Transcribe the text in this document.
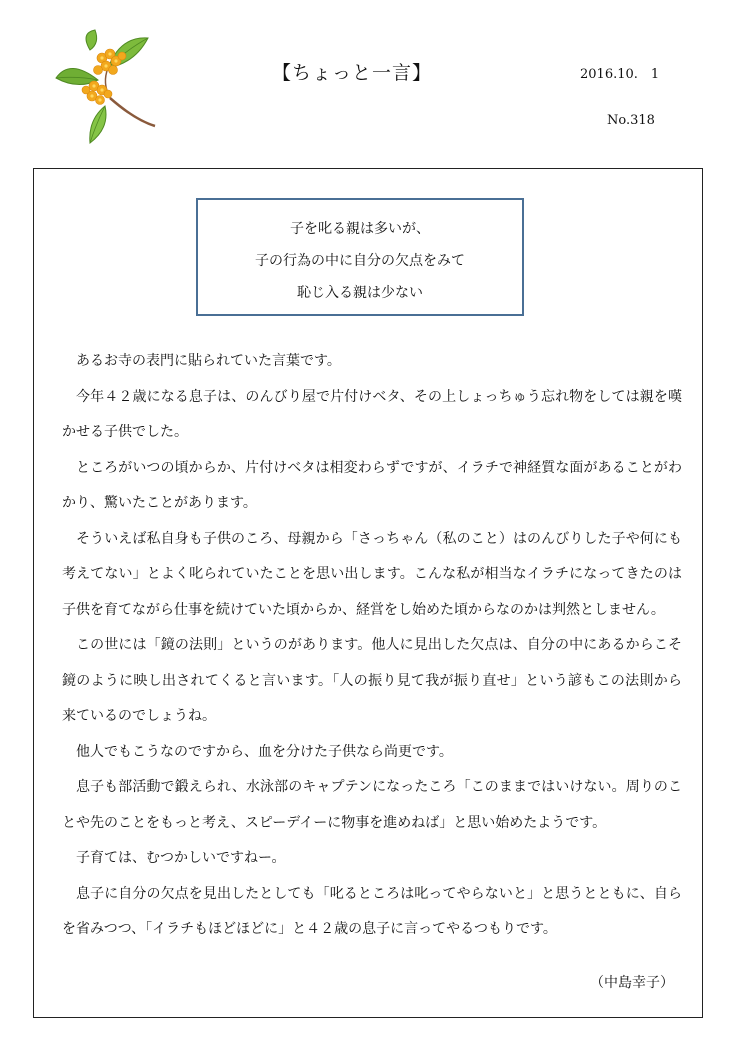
【ちょっと一言】	2016.10.　1
No.318
子を叱る親は多いが、
子の行為の中に自分の欠点をみて
恥じ入る親は少ない

あるお寺の表門に貼られていた言葉です。

今年４２歳になる息子は、のんびり屋で片付けベタ、その上しょっちゅう忘れ物をしては親を嘆かせる子供でした。

ところがいつの頃からか、片付けベタは相変わらずですが、イラチで神経質な面があることがわかり、驚いたことがあります。

そういえば私自身も子供のころ、母親から「さっちゃん（私のこと）はのんびりした子や何にも考えてない」とよく叱られていたことを思い出します。こんな私が相当なイラチになってきたのは子供を育てながら仕事を続けていた頃からか、経営をし始めた頃からなのかは判然としません。

この世には「鏡の法則」というのがあります。他人に見出した欠点は、自分の中にあるからこそ鏡のように映し出されてくると言います。「人の振り見て我が振り直せ」という諺もこの法則から来ているのでしょうね。

他人でもこうなのですから、血を分けた子供なら尚更です。

息子も部活動で鍛えられ、水泳部のキャプテンになったころ「このままではいけない。周りのことや先のことをもっと考え、スピーデイーに物事を進めねば」と思い始めたようです。

子育ては、むつかしいですねー。

息子に自分の欠点を見出したとしても「叱るところは叱ってやらないと」と思うとともに、自らを省みつつ、「イラチもほどほどに」と４２歳の息子に言ってやるつもりです。

（中島幸子）
